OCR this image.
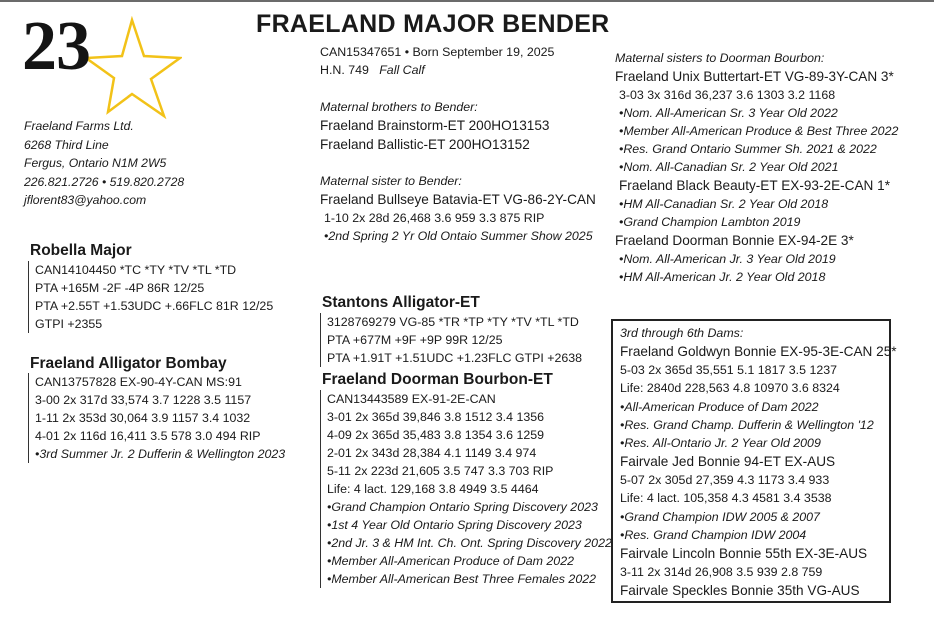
23	FRAELAND MAJOR BENDER
Fraeland Farms Ltd.
6268 Third Line
Fergus, Ontario N1M 2W5
226.821.2726 • 519.820.2728
jflorent83@yahoo.com
Robella Major
CAN14104450 *TC *TY *TV *TL *TD
PTA +165M -2F -4P 86R 12/25
PTA +2.55T +1.53UDC +.66FLC 81R 12/25
GTPI +2355
Fraeland Alligator Bombay
CAN13757828 EX-90-4Y-CAN MS:91
3-00 2x 317d 33,574 3.7 1228 3.5 1157
1-11 2x 353d 30,064 3.9 1157 3.4 1032
4-01 2x 116d 16,411 3.5 578 3.0 494 RIP
•3rd Summer Jr. 2 Dufferin & Wellington 2023
CAN15347651 • Born September 19, 2025
H.N. 749 Fall Calf
Maternal brothers to Bender:
Fraeland Brainstorm-ET 200HO13153
Fraeland Ballistic-ET 200HO13152
Maternal sister to Bender:
Fraeland Bullseye Batavia-ET VG-86-2Y-CAN
1-10 2x 28d 26,468 3.6 959 3.3 875 RIP
•2nd Spring 2 Yr Old Ontaio Summer Show 2025
Stantons Alligator-ET
3128769279 VG-85 *TR *TP *TY *TV *TL *TD
PTA +677M +9F +9P 99R 12/25
PTA +1.91T +1.51UDC +1.23FLC GTPI +2638
Fraeland Doorman Bourbon-ET
CAN13443589 EX-91-2E-CAN
3-01 2x 365d 39,846 3.8 1512 3.4 1356
4-09 2x 365d 35,483 3.8 1354 3.6 1259
2-01 2x 343d 28,384 4.1 1149 3.4 974
5-11 2x 223d 21,605 3.5 747 3.3 703 RIP
Life: 4 lact. 129,168 3.8 4949 3.5 4464
•Grand Champion Ontario Spring Discovery 2023
•1st 4 Year Old Ontario Spring Discovery 2023
•2nd Jr. 3 & HM Int. Ch. Ont. Spring Discovery 2022
•Member All-American Produce of Dam 2022
•Member All-American Best Three Females 2022
Maternal sisters to Doorman Bourbon:
Fraeland Unix Buttertart-ET VG-89-3Y-CAN 3*
3-03 3x 316d 36,237 3.6 1303 3.2 1168
•Nom. All-American Sr. 3 Year Old 2022
•Member All-American Produce & Best Three 2022
•Res. Grand Ontario Summer Sh. 2021 & 2022
•Nom. All-Canadian Sr. 2 Year Old 2021
Fraeland Black Beauty-ET EX-93-2E-CAN 1*
•HM All-Canadian Sr. 2 Year Old 2018
•Grand Champion Lambton 2019
Fraeland Doorman Bonnie EX-94-2E 3*
•Nom. All-American Jr. 3 Year Old 2019
•HM All-American Jr. 2 Year Old 2018
3rd through 6th Dams:
Fraeland Goldwyn Bonnie EX-95-3E-CAN 25*
5-03 2x 365d 35,551 5.1 1817 3.5 1237
Life: 2840d 228,563 4.8 10970 3.6 8324
•All-American Produce of Dam 2022
•Res. Grand Champ. Dufferin & Wellington '12
•Res. All-Ontario Jr. 2 Year Old 2009
Fairvale Jed Bonnie 94-ET EX-AUS
5-07 2x 305d 27,359 4.3 1173 3.4 933
Life: 4 lact. 105,358 4.3 4581 3.4 3538
•Grand Champion IDW 2005 & 2007
•Res. Grand Champion IDW 2004
Fairvale Lincoln Bonnie 55th EX-3E-AUS
3-11 2x 314d 26,908 3.5 939 2.8 759
Fairvale Speckles Bonnie 35th VG-AUS
